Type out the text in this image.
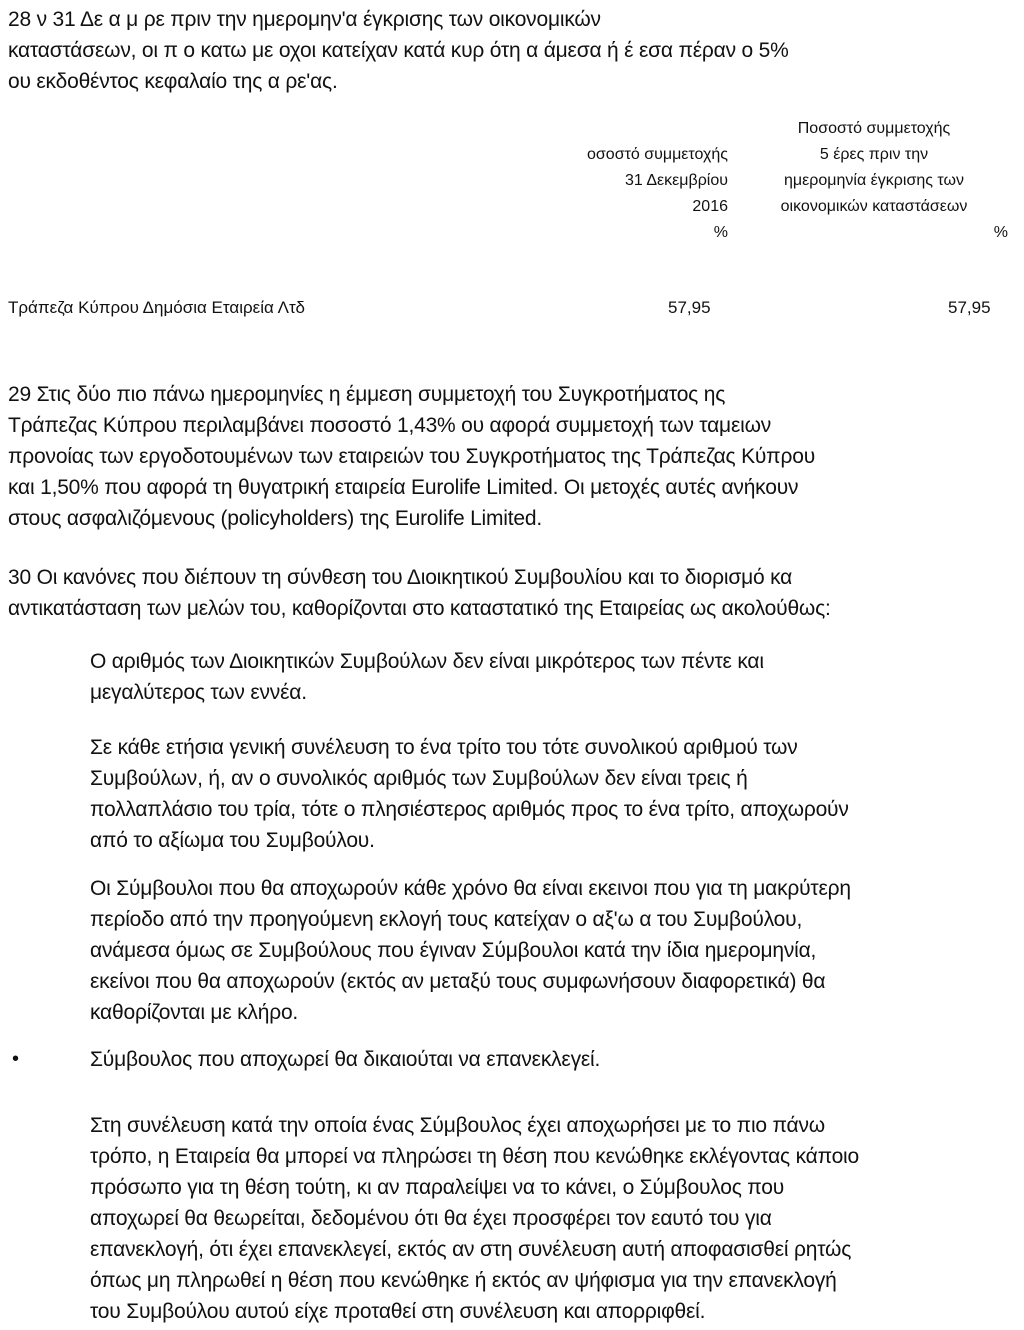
28 ν 31 Δε α μ ρε πριν την ημερομην'α έγκρισης των οικονομικών
καταστάσεων, οι π ο κατω με οχοι κατείχαν κατά κυρ ότη α άμεσα ή έ εσα πέραν ο 5%
ου εκδοθέντος κεφαλαίο της α ρε'ας.
οσοστό συμμετοχής
31 Δεκεμβρίου
2016
%
Ποσοστό συμμετοχής
5 έρες πριν την
ημερομηνία έγκρισης των
οικονομικών καταστάσεων
%
Τράπεζα Κύπρου Δημόσια Εταιρεία Λτδ	57,95	57,95
29 Στις δύο πιο πάνω ημερομηνίες η έμμεση συμμετοχή του Συγκροτήματος ης
Τράπεζας Κύπρου περιλαμβάνει ποσοστό 1,43% ου αφορά συμμετοχή των ταμειων
προνοίας των εργοδοτουμένων των εταιρειών του Συγκροτήματος της Τράπεζας Κύπρου
και 1,50% που αφορά τη θυγατρική εταιρεία Eurolife Limited. Οι μετοχές αυτές ανήκουν
στους ασφαλιζόμενους (policyholders) της Eurolife Limited.
30 Οι κανόνες που διέπουν τη σύνθεση του Διοικητικού Συμβουλίου και το διορισμό κα
αντικατάσταση των μελών του, καθορίζονται στο καταστατικό της Εταιρείας ως ακολούθως:
Ο αριθμός των Διοικητικών Συμβούλων δεν είναι μικρότερος των πέντε και
μεγαλύτερος των εννέα.
Σε κάθε ετήσια γενική συνέλευση το ένα τρίτο του τότε συνολικού αριθμού των
Συμβούλων, ή, αν ο συνολικός αριθμός των Συμβούλων δεν είναι τρεις ή
πολλαπλάσιο του τρία, τότε ο πλησιέστερος αριθμός προς το ένα τρίτο, αποχωρούν
από το αξίωμα του Συμβούλου.
Οι Σύμβουλοι που θα αποχωρούν κάθε χρόνο θα είναι εκεινοι που για τη μακρύτερη
περίοδο από την προηγούμενη εκλογή τους κατείχαν ο αξ'ω α του Συμβούλου,
ανάμεσα όμως σε Συμβούλους που έγιναν Σύμβουλοι κατά την ίδια ημερομηνία,
εκείνοι που θα αποχωρούν (εκτός αν μεταξύ τους συμφωνήσουν διαφορετικά) θα
καθορίζονται με κλήρο.
•	Σύμβουλος που αποχωρεί θα δικαιούται να επανεκλεγεί.
Στη συνέλευση κατά την οποία ένας Σύμβουλος έχει αποχωρήσει με το πιο πάνω
τρόπο, η Εταιρεία θα μπορεί να πληρώσει τη θέση που κενώθηκε εκλέγοντας κάποιο
πρόσωπο για τη θέση τούτη, κι αν παραλείψει να το κάνει, ο Σύμβουλος που
αποχωρεί θα θεωρείται, δεδομένου ότι θα έχει προσφέρει τον εαυτό του για
επανεκλογή, ότι έχει επανεκλεγεί, εκτός αν στη συνέλευση αυτή αποφασισθεί ρητώς
όπως μη πληρωθεί η θέση που κενώθηκε ή εκτός αν ψήφισμα για την επανεκλογή
του Συμβούλου αυτού είχε προταθεί στη συνέλευση και απορριφθεί.
